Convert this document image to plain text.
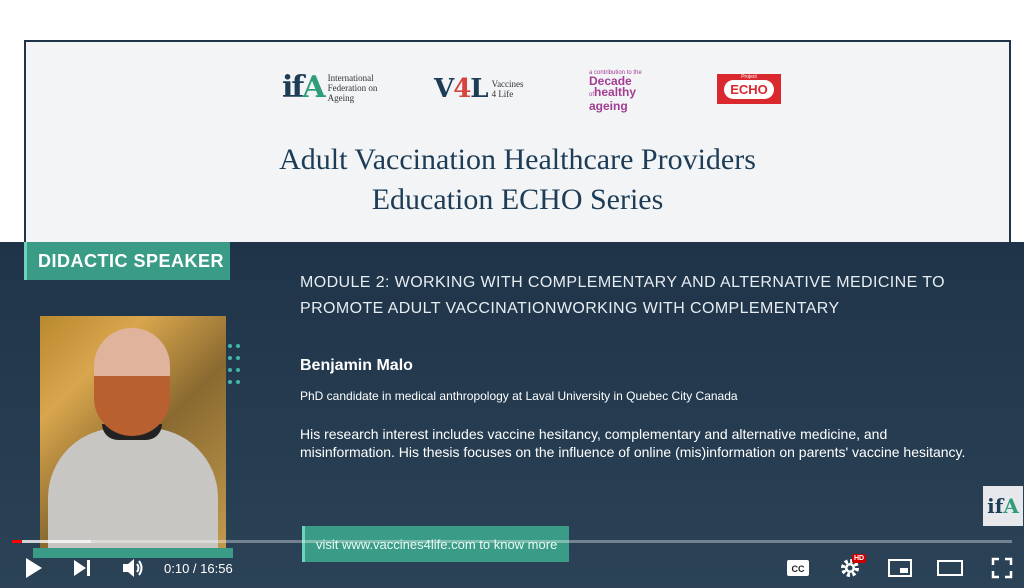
ifA International
Federation on
Ageing	V4L Vaccines
4 Life
a contribution to the
Decade
ofhealthy
ageing
Project
ECHO
Adult Vaccination Healthcare Providers
Education ECHO Series
DIDACTIC SPEAKER
MODULE 2: WORKING WITH COMPLEMENTARY AND ALTERNATIVE MEDICINE TO PROMOTE ADULT VACCINATIONWORKING WITH COMPLEMENTARY
Benjamin Malo
PhD candidate in medical anthropology at Laval University in Quebec City Canada
His research interest includes vaccine hesitancy, complementary and alternative medicine, and misinformation. His thesis focuses on the influence of online (mis)information on parents' vaccine hesitancy.
visit www.vaccines4life.com to know more
if A
0:10 / 16:56	CC
HD
